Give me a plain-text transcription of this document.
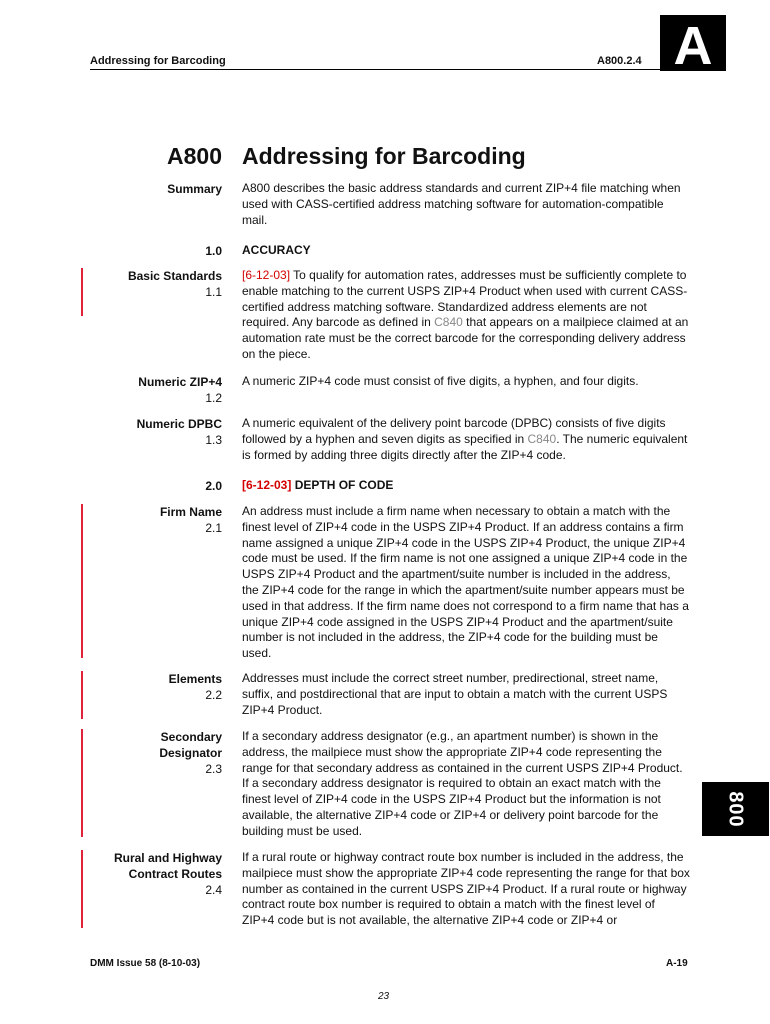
Addressing for Barcoding	A800.2.4 A
800
A800 Addressing for Barcoding
Summary A800 describes the basic address standards and current ZIP+4 file matching when used with CASS-certified address matching software for automation-compatible mail.
1.0 ACCURACY
Basic Standards
1.1
[6-12-03] To qualify for automation rates, addresses must be sufficiently complete to enable matching to the current USPS ZIP+4 Product when used with current CASS-certified address matching software. Standardized address elements are not required. Any barcode as defined in C840 that appears on a mailpiece claimed at an automation rate must be the correct barcode for the corresponding delivery address on the piece.
Numeric ZIP+4
1.2
A numeric ZIP+4 code must consist of five digits, a hyphen, and four digits.
Numeric DPBC
1.3
A numeric equivalent of the delivery point barcode (DPBC) consists of five digits followed by a hyphen and seven digits as specified in C840. The numeric equivalent is formed by adding three digits directly after the ZIP+4 code.
2.0 [6-12-03] DEPTH OF CODE
Firm Name
2.1
An address must include a firm name when necessary to obtain a match with the finest level of ZIP+4 code in the USPS ZIP+4 Product. If an address contains a firm name assigned a unique ZIP+4 code in the USPS ZIP+4 Product, the unique ZIP+4 code must be used. If the firm name is not one assigned a unique ZIP+4 code in the USPS ZIP+4 Product and the apartment/suite number is included in the address, the ZIP+4 code for the range in which the apartment/suite number appears must be used in that address. If the firm name does not correspond to a firm name that has a unique ZIP+4 code assigned in the USPS ZIP+4 Product and the apartment/suite number is not included in the address, the ZIP+4 code for the building must be used.
Elements
2.2
Addresses must include the correct street number, predirectional, street name, suffix, and postdirectional that are input to obtain a match with the current USPS ZIP+4 Product.
Secondary
Designator
2.3
If a secondary address designator (e.g., an apartment number) is shown in the address, the mailpiece must show the appropriate ZIP+4 code representing the range for that secondary address as contained in the current USPS ZIP+4 Product. If a secondary address designator is required to obtain an exact match with the finest level of ZIP+4 code in the USPS ZIP+4 Product but the information is not available, the alternative ZIP+4 code or ZIP+4 or delivery point barcode for the building must be used.
Rural and Highway
Contract Routes
2.4
If a rural route or highway contract route box number is included in the address, the mailpiece must show the appropriate ZIP+4 code representing the range for that box number as contained in the current USPS ZIP+4 Product. If a rural route or highway contract route box number is required to obtain a match with the finest level of ZIP+4 code but is not available, the alternative ZIP+4 code or ZIP+4 or
DMM Issue 58 (8-10-03)	A-19
23
